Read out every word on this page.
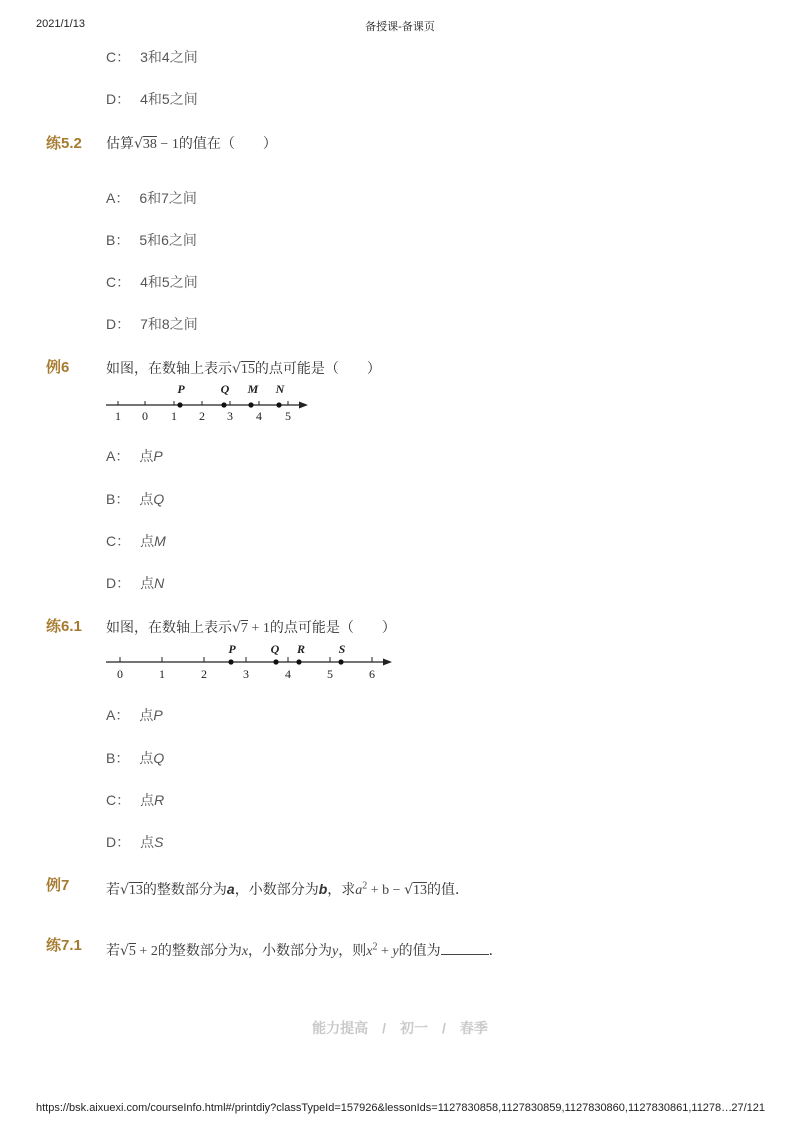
2021/1/13	备授课-备课页
C： 3和4之间
D： 4和5之间
练5.2 估算√38 − 1的值在（　　）
A： 6和7之间
B： 5和6之间
C： 4和5之间
D： 7和8之间
例6	如图，在数轴上表示√15的点可能是（　　）
P	Q M N
1 0 1 2 3 4 5
A： 点P
B： 点Q
C： 点M
D： 点N
练6.1 如图，在数轴上表示√7 + 1的点可能是（　　）
P	Q R	S
0	1	2	3	4	5	6
A： 点P
B： 点Q
C： 点R
D： 点S
例7	若√13的整数部分为a，小数部分为b，求$a^2 + b - √13$的值．
练7.1 若√5 + 2的整数部分为x，小数部分为y，则$x^2 + y$的值为	．
能力提高　/　初一　/　春季
https://bsk.aixuexi.com/courseInfo.html#/printdiy?classTypeId=157926&lessonIds=1127830858,1127830859,1127830860,1127830861,11278… 27/121
